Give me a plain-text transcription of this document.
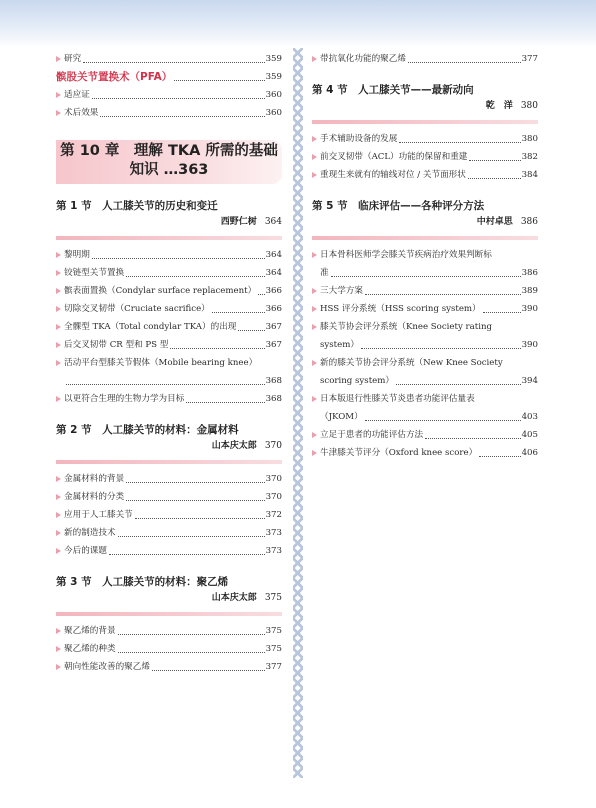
研究	359
髌股关节置换术（PFA）	359
适应证	360
术后效果	360
第 10 章　理解 TKA 所需的基础
知识 …363
第 1 节　人工膝关节的历史和变迁
西野仁树 364
黎明期	364
铰链型关节置换	364
髌表面置换（Condylar surface replacement） 366
切除交叉韧带（Cruciate sacrifice）	366
全髁型 TKA（Total condylar TKA）的出现	367
后交叉韧带 CR 型和 PS 型	367
活动平台型膝关节假体（Mobile bearing knee）
368
以更符合生理的生物力学为目标	368
第 2 节　人工膝关节的材料：金属材料
山本庆太郎 370
金属材料的背景	370
金属材料的分类	370
应用于人工膝关节	372
新的制造技术	373
今后的课题	373
第 3 节　人工膝关节的材料：聚乙烯
山本庆太郎 375
聚乙烯的背景	375
聚乙烯的种类	375
朝向性能改善的聚乙烯	377
带抗氧化功能的聚乙烯	377
第 4 节　人工膝关节——最新动向
乾　洋 380
手术辅助设备的发展	380
前交叉韧带（ACL）功能的保留和重建	382
重现生来就有的轴线对位 / 关节面形状	384
第 5 节　临床评估——各种评分方法
中村卓思 386
日本骨科医师学会膝关节疾病治疗效果判断标
准	386
三大学方案	389
HSS 评分系统（HSS scoring system）	390
膝关节协会评分系统（Knee Society rating
system）	390
新的膝关节协会评分系统（New Knee Society
scoring system）	394
日本版退行性膝关节炎患者功能评估量表
（JKOM）	403
立足于患者的功能评估方法	405
牛津膝关节评分（Oxford knee score）	406
